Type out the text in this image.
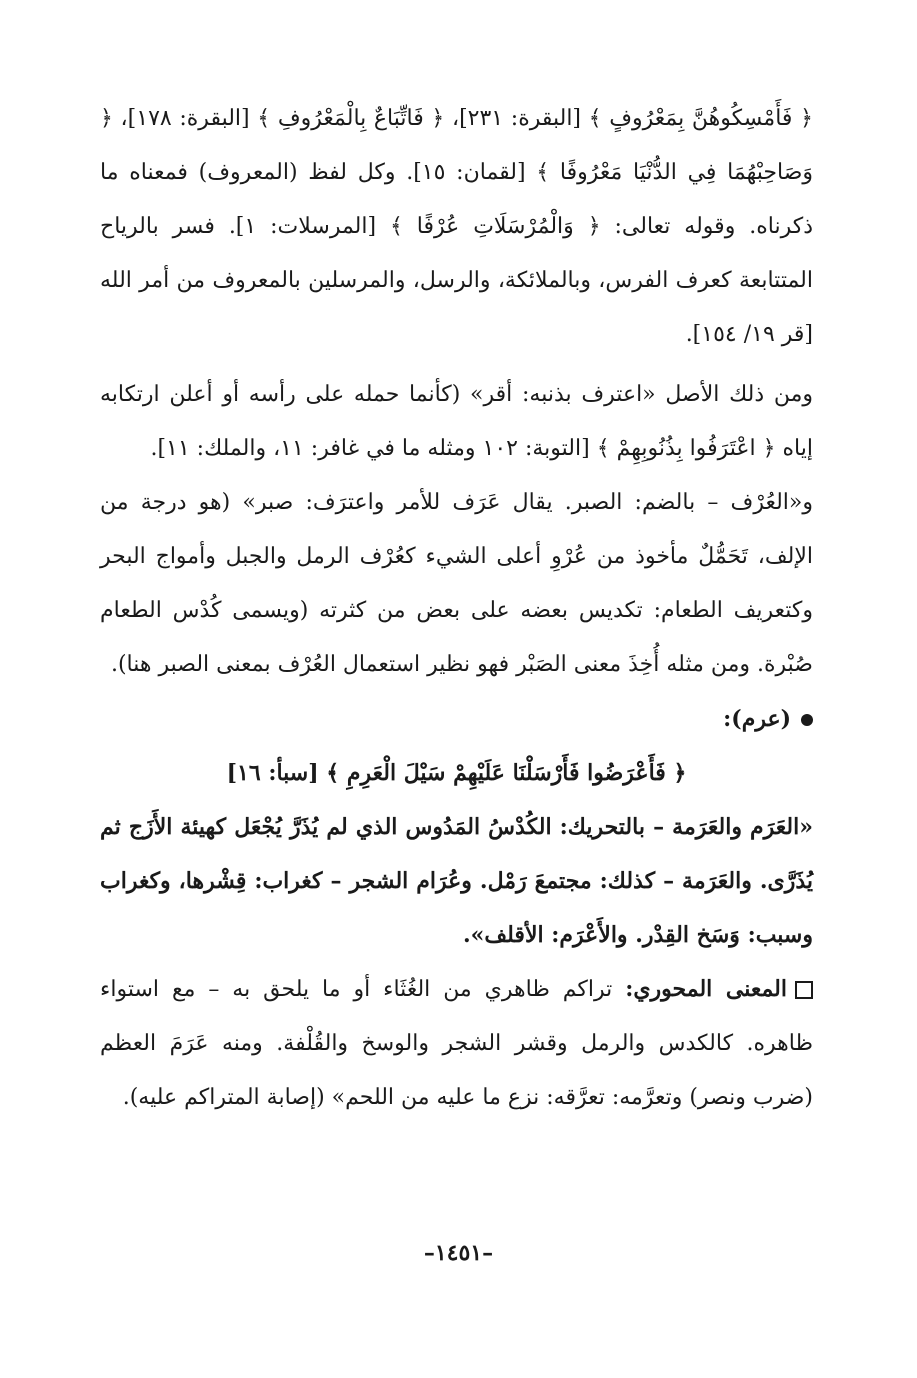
﴿ فَأَمْسِكُوهُنَّ بِمَعْرُوفٍ ﴾ [البقرة: ٢٣١]، ﴿ فَاتِّبَاعٌ بِالْمَعْرُوفِ ﴾ [البقرة: ١٧٨]، ﴿ وَصَاحِبْهُمَا فِي الدُّنْيَا مَعْرُوفًا ﴾ [لقمان: ١٥]. وكل لفظ (المعروف) فمعناه ما ذكرناه. وقوله تعالى: ﴿ وَالْمُرْسَلَاتِ عُرْفًا ﴾ [المرسلات: ١]. فسر بالرياح المتتابعة كعرف الفرس، وبالملائكة، والرسل، والمرسلين بالمعروف من أمر الله [قر ١٩/ ١٥٤].

ومن ذلك الأصل «اعترف بذنبه: أقر» (كأنما حمله على رأسه أو أعلن ارتكابه إياه ﴿ اعْتَرَفُوا بِذُنُوبِهِمْ ﴾ [التوبة: ١٠٢ ومثله ما في غافر: ١١، والملك: ١١].

و«العُرْف – بالضم: الصبر. يقال عَرَف للأمر واعترَف: صبر» (هو درجة من الإلف، تَحَمُّلٌ مأخوذ من عُرْوِ أعلى الشيء كعُرْف الرمل والجبل وأمواج البحر وكتعريف الطعام: تكديس بعضه على بعض من كثرته (ويسمى كُدْس الطعام صُبْرة. ومن مثله أُخِذَ معنى الصَبْر فهو نظير استعمال العُرْف بمعنى الصبر هنا).

(عرم):

﴿ فَأَعْرَضُوا فَأَرْسَلْنَا عَلَيْهِمْ سَيْلَ الْعَرِمِ ﴾ [سبأ: ١٦]

«العَرَم والعَرَمة – بالتحريك: الكُدْسُ المَدُوس الذي لم يُذَرَّ يُجْعَل كهيئة الأَزَج ثم يُذَرَّى. والعَرَمة – كذلك: مجتمعَ رَمْل. وعُرَام الشجر – كغراب: قِشْرها، وكغراب وسبب: وَسَخ القِدْر. والأَعْرَم: الأقلف».

المعنى المحوري: تراكم ظاهري من الغُثَاء أو ما يلحق به – مع استواء ظاهره. كالكدس والرمل وقشر الشجر والوسخ والقُلْفة. ومنه عَرَمَ العظم (ضرب ونصر) وتعرَّمه: تعرَّقه: نزع ما عليه من اللحم» (إصابة المتراكم عليه).

–١٤٥١–
